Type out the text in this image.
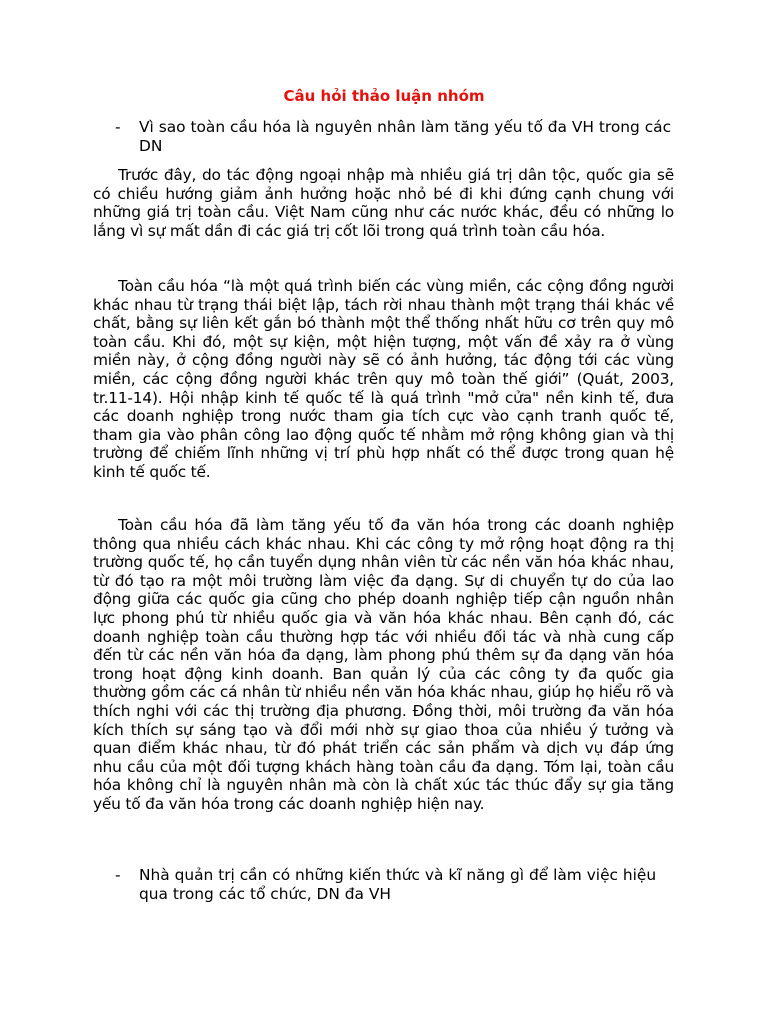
Câu hỏi thảo luận nhóm
- Vì sao toàn cầu hóa là nguyên nhân làm tăng yếu tố đa VH trong các DN
Trước đây, do tác động ngoại nhập mà nhiều giá trị dân tộc, quốc gia sẽ có chiều hướng giảm ảnh hưởng hoặc nhỏ bé đi khi đứng cạnh chung với những giá trị toàn cầu. Việt Nam cũng như các nước khác, đều có những lo lắng vì sự mất dần đi các giá trị cốt lõi trong quá trình toàn cầu hóa.
Toàn cầu hóa “là một quá trình biến các vùng miền, các cộng đồng người khác nhau từ trạng thái biệt lập, tách rời nhau thành một trạng thái khác về chất, bằng sự liên kết gắn bó thành một thể thống nhất hữu cơ trên quy mô toàn cầu. Khi đó, một sự kiện, một hiện tượng, một vấn đề xảy ra ở vùng miền này, ở cộng đồng người này sẽ có ảnh hưởng, tác động tới các vùng miền, các cộng đồng người khác trên quy mô toàn thế giới” (Quát, 2003, tr.11-14). Hội nhập kinh tế quốc tế là quá trình "mở cửa" nền kinh tế, đưa các doanh nghiệp trong nước tham gia tích cực vào cạnh tranh quốc tế, tham gia vào phân công lao động quốc tế nhằm mở rộng không gian và thị trường để chiếm lĩnh những vị trí phù hợp nhất có thể được trong quan hệ kinh tế quốc tế.
Toàn cầu hóa đã làm tăng yếu tố đa văn hóa trong các doanh nghiệp thông qua nhiều cách khác nhau. Khi các công ty mở rộng hoạt động ra thị trường quốc tế, họ cần tuyển dụng nhân viên từ các nền văn hóa khác nhau, từ đó tạo ra một môi trường làm việc đa dạng. Sự di chuyển tự do của lao động giữa các quốc gia cũng cho phép doanh nghiệp tiếp cận nguồn nhân lực phong phú từ nhiều quốc gia và văn hóa khác nhau. Bên cạnh đó, các doanh nghiệp toàn cầu thường hợp tác với nhiều đối tác và nhà cung cấp đến từ các nền văn hóa đa dạng, làm phong phú thêm sự đa dạng văn hóa trong hoạt động kinh doanh. Ban quản lý của các công ty đa quốc gia thường gồm các cá nhân từ nhiều nền văn hóa khác nhau, giúp họ hiểu rõ và thích nghi với các thị trường địa phương. Đồng thời, môi trường đa văn hóa kích thích sự sáng tạo và đổi mới nhờ sự giao thoa của nhiều ý tưởng và quan điểm khác nhau, từ đó phát triển các sản phẩm và dịch vụ đáp ứng nhu cầu của một đối tượng khách hàng toàn cầu đa dạng. Tóm lại, toàn cầu hóa không chỉ là nguyên nhân mà còn là chất xúc tác thúc đẩy sự gia tăng yếu tố đa văn hóa trong các doanh nghiệp hiện nay.
- Nhà quản trị cần có những kiến thức và kĩ năng gì để làm việc hiệu qua trong các tổ chức, DN đa VH
